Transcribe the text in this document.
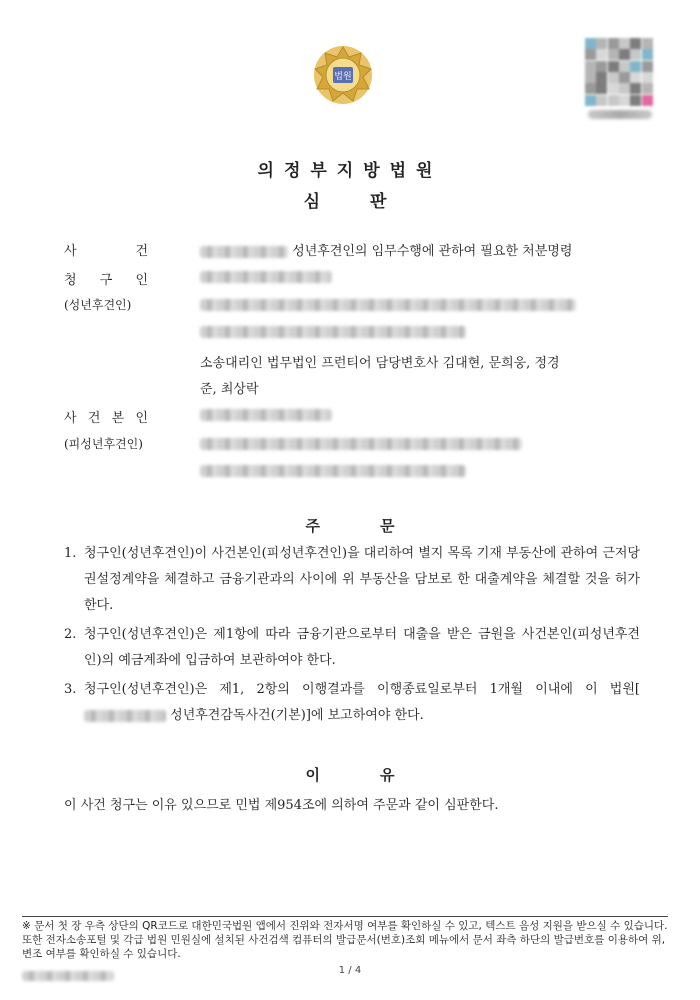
법원
의정부지방법원
심판
사	건	성년후견인의 임무수행에 관하여 필요한 처분명령
청 구 인
(성년후견인)
소송대리인 법무법인 프런티어 담당변호사 김대현, 문희웅, 정경
준, 최상락
사 건 본 인
(피성년후견인)
주문
1. 청구인(성년후견인)이 사건본인(피성년후견인)을 대리하여 별지 목록 기재 부동산에 관하여 근저당권설정계약을 체결하고 금융기관과의 사이에 위 부동산을 담보로 한 대출계약을 체결할 것을 허가한다.
2. 청구인(성년후견인)은 제1항에 따라 금융기관으로부터 대출을 받은 금원을 사건본인(피성년후견인)의 예금계좌에 입금하여 보관하여야 한다.
3. 청구인(성년후견인)은 제1, 2항의 이행결과를 이행종료일로부터 1개월 이내에 이 법원[ 성년후견감독사건(기본)]에 보고하여야 한다.
이유
이 사건 청구는 이유 있으므로 민법 제954조에 의하여 주문과 같이 심판한다.
※ 문서 첫 장 우측 상단의 QR코드로 대한민국법원 앱에서 진위와 전자서명 여부를 확인하실 수 있고, 텍스트 음성 지원을 받으실 수 있습니다. 또한 전자소송포털 및 각급 법원 민원실에 설치된 사건검색 컴퓨터의 발급문서(번호)조회 메뉴에서 문서 좌측 하단의 발급번호를 이용하여 위,변조 여부를 확인하실 수 있습니다.
1 / 4
